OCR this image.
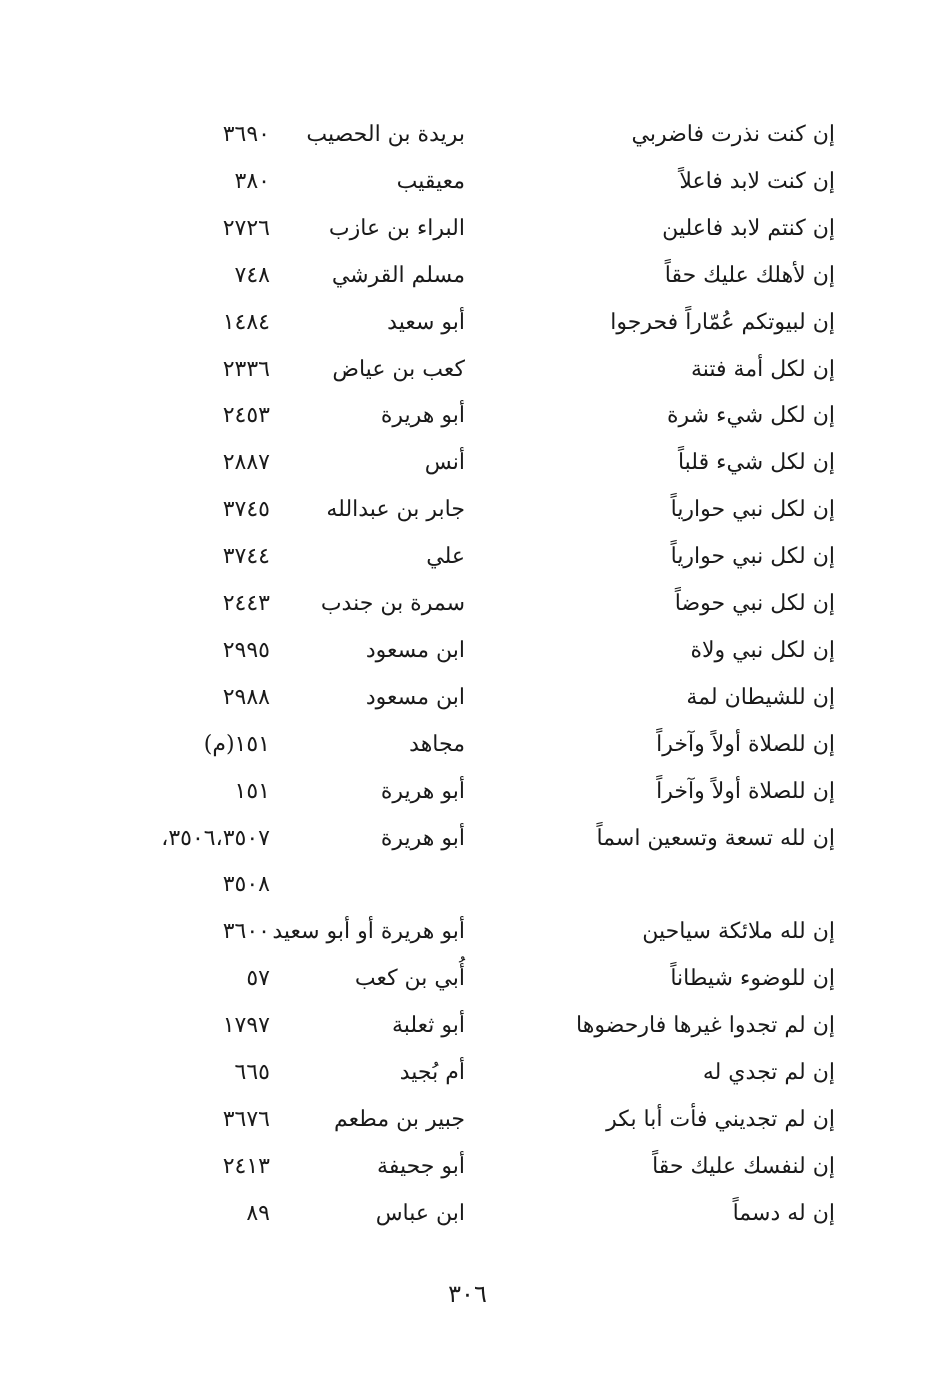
إن كنت نذرت فاضربي
بريدة بن الحصيب
٣٦٩٠
إن كنت لابد فاعلاً
معيقيب
٣٨٠
إن كنتم لابد فاعلين
البراء بن عازب
٢٧٢٦
إن لأهلك عليك حقاً
مسلم القرشي
٧٤٨
إن لبيوتكم عُمّاراً فحرجوا
أبو سعيد
١٤٨٤
إن لكل أمة فتنة
كعب بن عياض
٢٣٣٦
إن لكل شيء شرة
أبو هريرة
٢٤٥٣
إن لكل شيء قلباً
أنس
٢٨٨٧
إن لكل نبي حوارياً
جابر بن عبدالله
٣٧٤٥
إن لكل نبي حوارياً
علي
٣٧٤٤
إن لكل نبي حوضاً
سمرة بن جندب
٢٤٤٣
إن لكل نبي ولاة
ابن مسعود
٢٩٩٥
إن للشيطان لمة
ابن مسعود
٢٩٨٨
إن للصلاة أولاً وآخراً
مجاهد
١٥١(م)
إن للصلاة أولاً وآخراً
أبو هريرة
١٥١
إن لله تسعة وتسعين اسماً
أبو هريرة
٣٥٠٦،٣٥٠٧،
٣٥٠٨
إن لله ملائكة سياحين
أبو هريرة أو أبو سعيد
٣٦٠٠
إن للوضوء شيطاناً
أُبي بن كعب
٥٧
إن لم تجدوا غيرها فارحضوها
أبو ثعلبة
١٧٩٧
إن لم تجدي له
أم بُجيد
٦٦٥
إن لم تجديني فأت أبا بكر
جبير بن مطعم
٣٦٧٦
إن لنفسك عليك حقاً
أبو جحيفة
٢٤١٣
إن له دسماً
ابن عباس
٨٩
٣٠٦
